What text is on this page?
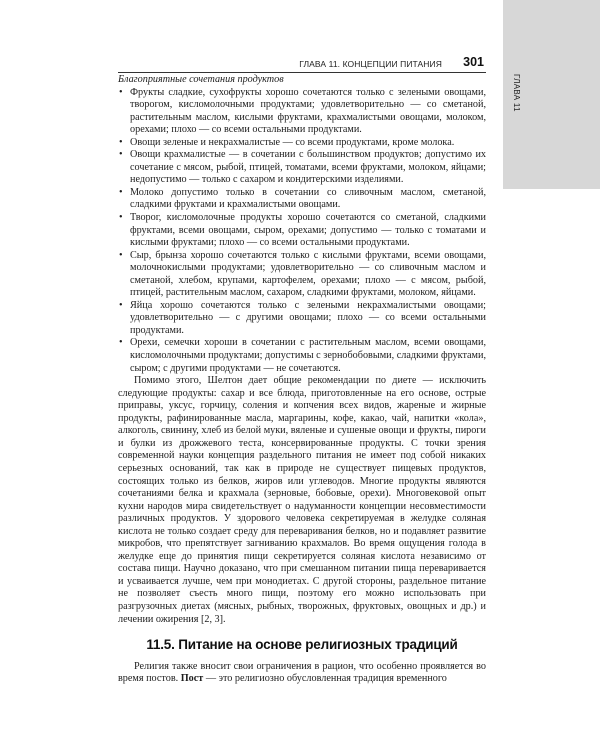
ГЛАВА 11
ГЛАВА 11. КОНЦЕПЦИИ ПИТАНИЯ 301

Благоприятные сочетания продуктов

• Фрукты сладкие, сухофрукты хорошо сочетаются только с зелеными овощами, творогом, кисломолочными продуктами; удовлетворительно — со сметаной, растительным маслом, кислыми фруктами, крахмалистыми овощами, молоком, орехами; плохо — со всеми остальными продуктами.
• Овощи зеленые и некрахмалистые — со всеми продуктами, кроме молока.
• Овощи крахмалистые — в сочетании с большинством продуктов; допустимо их сочетание с мясом, рыбой, птицей, томатами, всеми фруктами, молоком, яйцами; недопустимо — только с сахаром и кондитерскими изделиями.
• Молоко допустимо только в сочетании со сливочным маслом, сметаной, сладкими фруктами и крахмалистыми овощами.
• Творог, кисломолочные продукты хорошо сочетаются со сметаной, сладкими фруктами, всеми овощами, сыром, орехами; допустимо — только с томатами и кислыми фруктами; плохо — со всеми остальными продуктами.
• Сыр, брынза хорошо сочетаются только с кислыми фруктами, всеми овощами, молочнокислыми продуктами; удовлетворительно — со сливочным маслом и сметаной, хлебом, крупами, картофелем, орехами; плохо — с мясом, рыбой, птицей, растительным маслом, сахаром, сладкими фруктами, молоком, яйцами.
• Яйца хорошо сочетаются только с зелеными некрахмалистыми овощами; удовлетворительно — с другими овощами; плохо — со всеми остальными продуктами.
• Орехи, семечки хороши в сочетании с растительным маслом, всеми овощами, кисломолочными продуктами; допустимы с зернобобовыми, сладкими фруктами, сыром; с другими продуктами — не сочетаются.

Помимо этого, Шелтон дает общие рекомендации по диете — исключить следующие продукты: сахар и все блюда, приготовленные на его основе, острые приправы, уксус, горчицу, соления и копчения всех видов, жареные и жирные продукты, рафинированные масла, маргарины, кофе, какао, чай, напитки «кола», алкоголь, свинину, хлеб из белой муки, вяленые и сушеные овощи и фрукты, пироги и булки из дрожжевого теста, консервированные продукты. С точки зрения современной науки концепция раздельного питания не имеет под собой никаких серьезных оснований, так как в природе не существует пищевых продуктов, состоящих только из белков, жиров или углеводов. Многие продукты являются сочетаниями белка и крахмала (зерновые, бобовые, орехи). Многовековой опыт кухни народов мира свидетельствует о надуманности концепции несовместимости различных продуктов. У здорового человека секретируемая в желудке соляная кислота не только создает среду для переваривания белков, но и подавляет развитие микробов, что препятствует загниванию крахмалов. Во время ощущения голода в желудке еще до принятия пищи секретируется соляная кислота независимо от состава пищи. Научно доказано, что при смешанном питании пища переваривается и усваивается лучше, чем при монодиетах. С другой стороны, раздельное питание не позволяет съесть много пищи, поэтому его можно использовать при разгрузочных диетах (мясных, рыбных, творожных, фруктовых, овощных и др.) и лечении ожирения [2, 3].

11.5. Питание на основе религиозных традиций

Религия также вносит свои ограничения в рацион, что особенно проявляется во время постов. Пост — это религиозно обусловленная традиция временного
